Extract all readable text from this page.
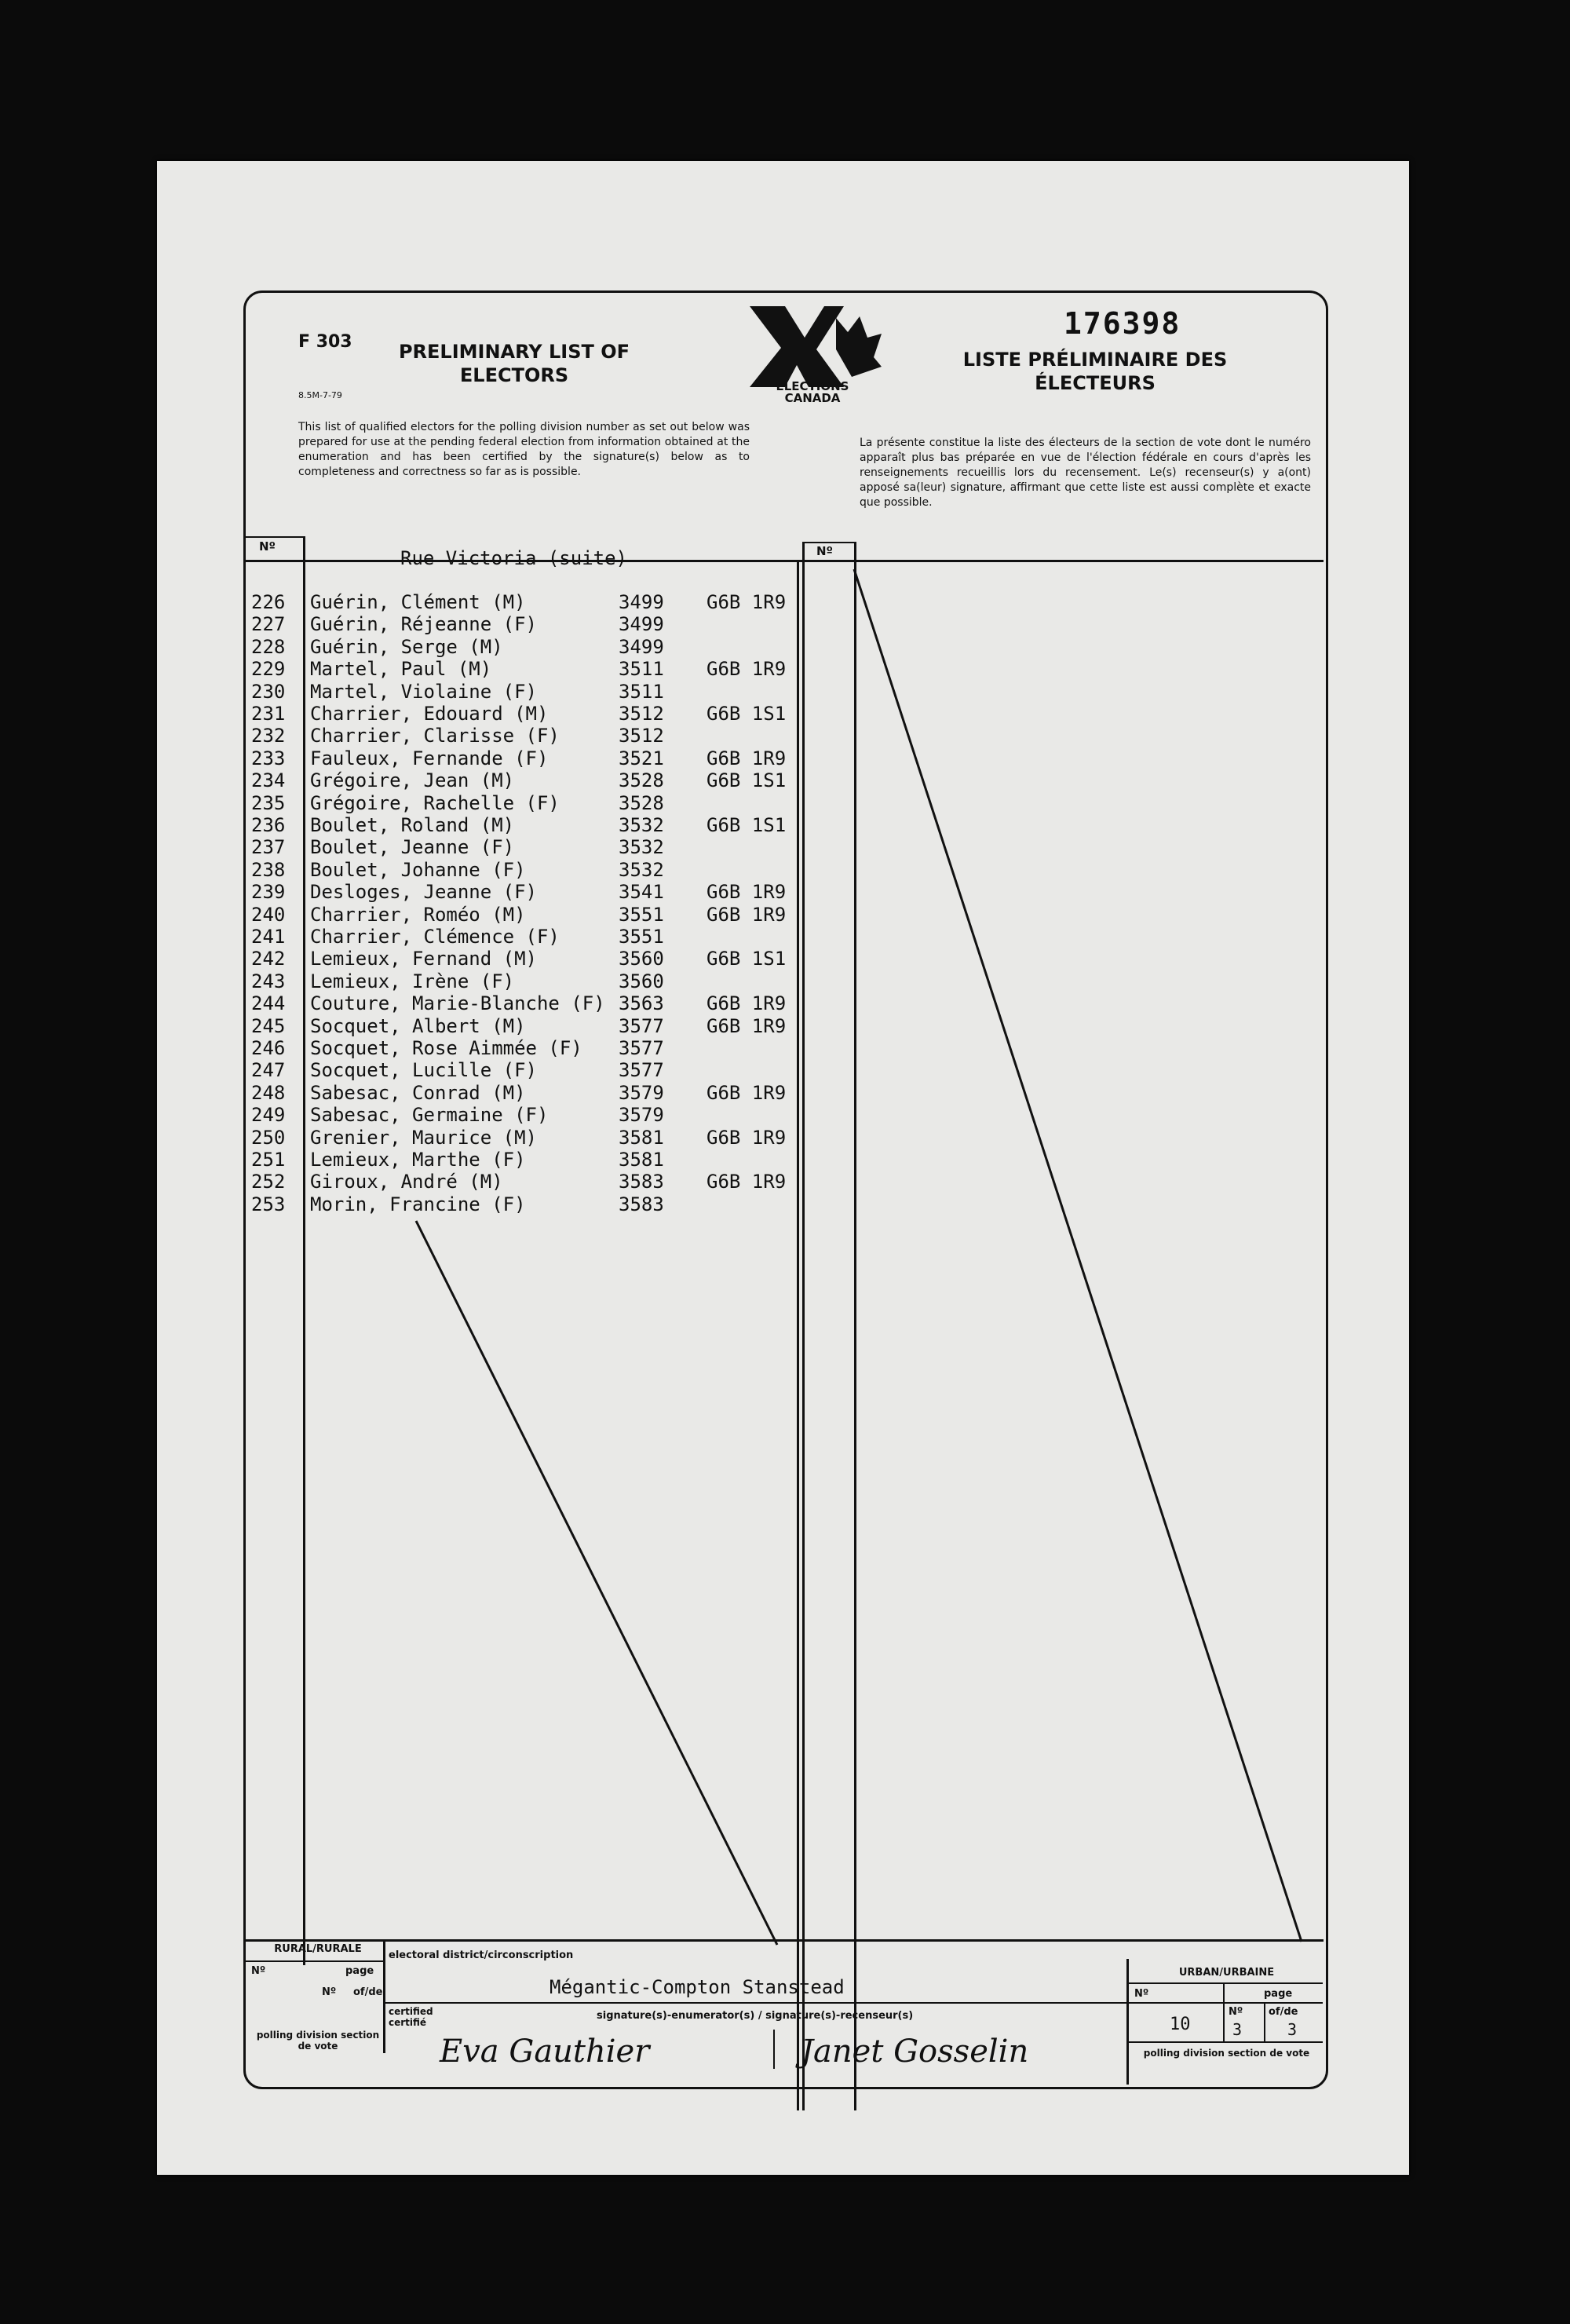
F 303
8.5M-7-79
PRELIMINARY LIST OF ELECTORS	ELECTIONS CANADA
176398
LISTE PRÉLIMINAIRE DES ÉLECTEURS
This list of qualified electors for the polling division number as set out below was prepared for use at the pending federal election from information obtained at the enumeration and has been certified by the signature(s) below as to completeness and correctness so far as is possible.
La présente constitue la liste des électeurs de la section de vote dont le numéro apparaît plus bas préparée en vue de l'élection fédérale en cours d'après les renseignements recueillis lors du recensement. Le(s) recenseur(s) y a(ont) apposé sa(leur) signature, affirmant que cette liste est aussi complète et exacte que possible.
Nº	Nº
Rue Victoria (suite)
226 Guérin, Clément (M)	3499 G6B 1R9
227 Guérin, Réjeanne (F)	3499
228 Guérin, Serge (M)	3499
229 Martel, Paul (M)	3511 G6B 1R9
230 Martel, Violaine (F)	3511
231 Charrier, Edouard (M)	3512 G6B 1S1
232 Charrier, Clarisse (F)	3512
233 Fauleux, Fernande (F)	3521 G6B 1R9
234 Grégoire, Jean (M)	3528 G6B 1S1
235 Grégoire, Rachelle (F)	3528
236 Boulet, Roland (M)	3532 G6B 1S1
237 Boulet, Jeanne (F)	3532
238 Boulet, Johanne (F)	3532
239 Desloges, Jeanne (F)	3541 G6B 1R9
240 Charrier, Roméo (M)	3551 G6B 1R9
241 Charrier, Clémence (F)	3551
242 Lemieux, Fernand (M)	3560 G6B 1S1
243 Lemieux, Irène (F)	3560
244 Couture, Marie-Blanche (F) 3563 G6B 1R9
245 Socquet, Albert (M)	3577 G6B 1R9
246 Socquet, Rose Aimmée (F) 3577
247 Socquet, Lucille (F)	3577
248 Sabesac, Conrad (M)	3579 G6B 1R9
249 Sabesac, Germaine (F)	3579
250 Grenier, Maurice (M)	3581 G6B 1R9
251 Lemieux, Marthe (F)	3581
252 Giroux, André (M)	3583 G6B 1R9
253 Morin, Francine (F)	3583
RURAL/RURALE
Nº	page
Nº of/de
polling division section de vote
electoral district/circonscription
Mégantic-Compton Stanstead
certified certifié
signature(s)-enumerator(s) / signature(s)-recenseur(s)
Eva Gauthier	Janet Gosselin
URBAN/URBAINE
Nº	page
10
Nº
3
of/de
3
polling division section de vote
